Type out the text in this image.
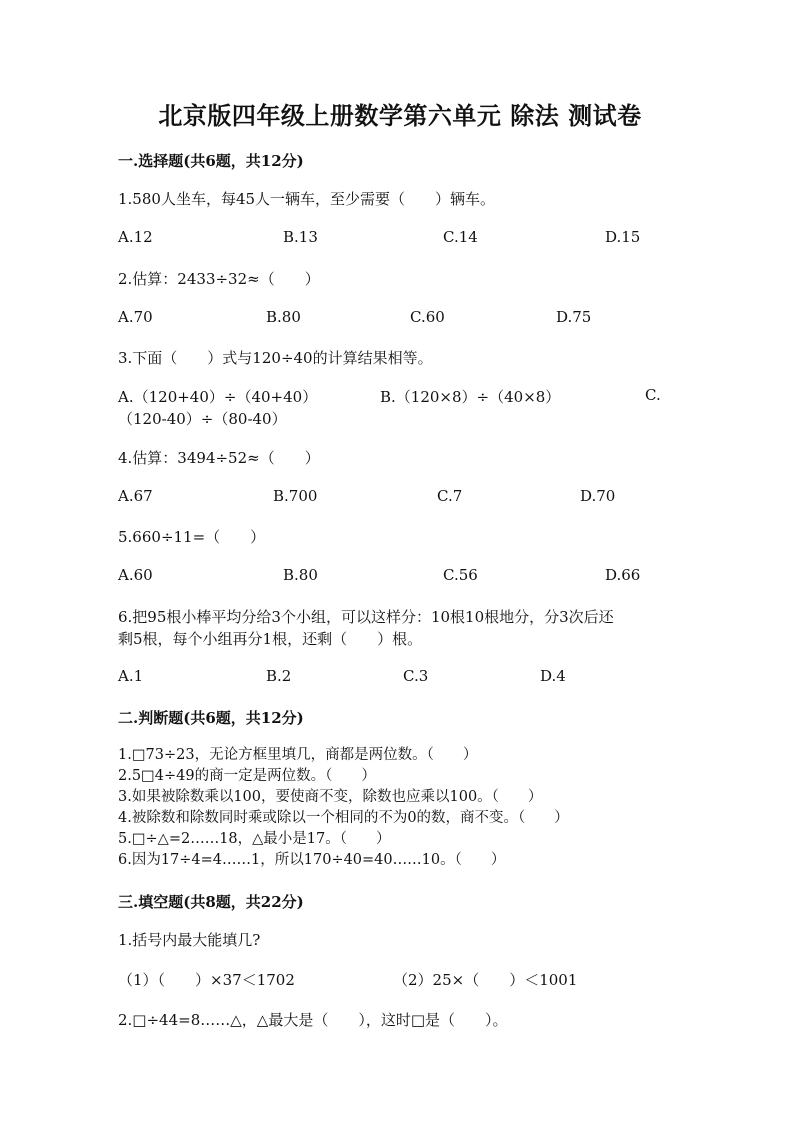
北京版四年级上册数学第六单元 除法 测试卷
一.选择题(共6题，共12分)
1.580人坐车，每45人一辆车，至少需要（　　）辆车。
A.12	B.13	C.14	D.15
2.估算：2433÷32≈（　　）
A.70	B.80	C.60	D.75
3.下面（　　）式与120÷40的计算结果相等。
A.（120+40）÷（40+40）	B.（120×8）÷（40×8）	C.
（120-40）÷（80-40）
4.估算：3494÷52≈（　　）
A.67	B.700	C.7	D.70
5.660÷11=（　　）
A.60	B.80	C.56	D.66
6.把95根小棒平均分给3个小组，可以这样分：10根10根地分，分3次后还
剩5根，每个小组再分1根，还剩（　　）根。
A.1	B.2	C.3	D.4
二.判断题(共6题，共12分)
1.□73÷23，无论方框里填几，商都是两位数。（　　）
2.5□4÷49的商一定是两位数。（　　）
3.如果被除数乘以100，要使商不变，除数也应乘以100。（　　）
4.被除数和除数同时乘或除以一个相同的不为0的数，商不变。（　　）
5.□÷△=2……18，△最小是17。（　　）
6.因为17÷4=4……1，所以170÷40=40……10。（　　）
三.填空题(共8题，共22分)
1.括号内最大能填几?
（1）（　　）×37＜1702	（2）25×（　　）＜1001
2.□÷44=8……△，△最大是（　　），这时□是（　　）。
